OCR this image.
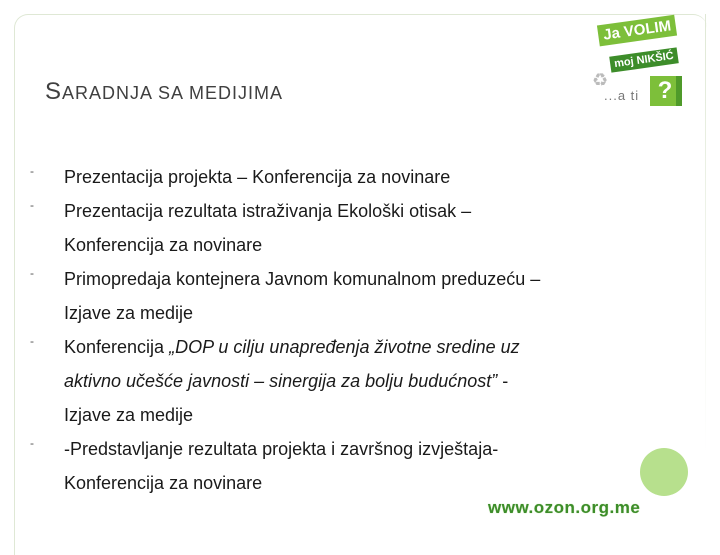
SARADNJA SA MEDIJIMA
Ja VOLIM
moj NIKŠIĆ
♻
...a ti ?
- Prezentacija projekta – Konferencija za novinare
- Prezentacija rezultata istraživanja Ekološki otisak –
Konferencija za novinare
- Primopredaja kontejnera Javnom komunalnom preduzeću –
Izjave za medije
- Konferencija „DOP u cilju unapređenja životne sredine uz
aktivno učešće javnosti – sinergija za bolju budućnost” -
Izjave za medije
- -Predstavljanje rezultata projekta i završnog izvještaja-
Konferencija za novinare
www.ozon.org.me
